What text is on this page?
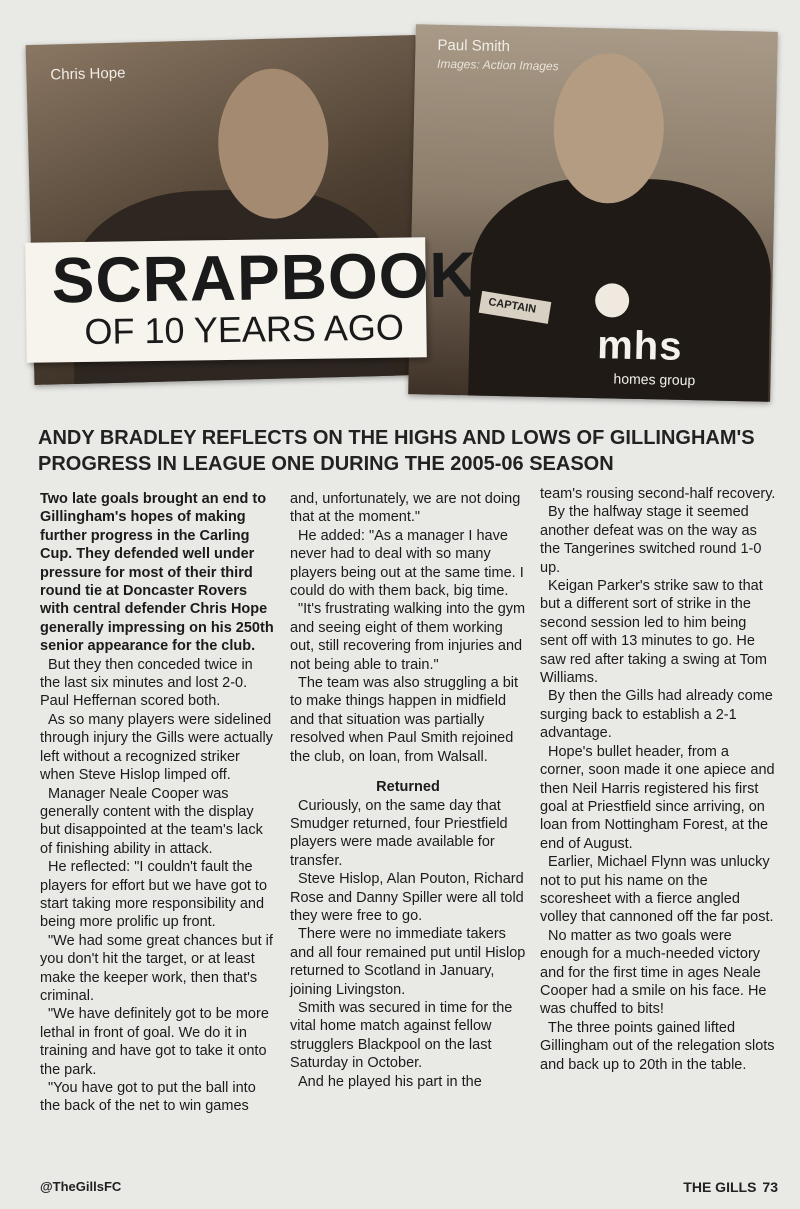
Chris Hope
Paul Smith
Images: Action Images
mhs
homes group
CAPTAIN
SCRAPBOOK
OF 10 YEARS AGO
ANDY BRADLEY REFLECTS ON THE HIGHS AND LOWS OF GILLINGHAM'S PROGRESS IN LEAGUE ONE DURING THE 2005-06 SEASON

Two late goals brought an end to Gillingham's hopes of making further progress in the Carling Cup. They defended well under pressure for most of their third round tie at Doncaster Rovers with central defender Chris Hope generally impressing on his 250th senior appearance for the club.

But they then conceded twice in the last six minutes and lost 2-0. Paul Heffernan scored both.

As so many players were sidelined through injury the Gills were actually left without a recognized striker when Steve Hislop limped off.

Manager Neale Cooper was generally content with the display but disappointed at the team's lack of finishing ability in attack.

He reflected: "I couldn't fault the players for effort but we have got to start taking more responsibility and being more prolific up front.

"We had some great chances but if you don't hit the target, or at least make the keeper work, then that's criminal.

"We have definitely got to be more lethal in front of goal. We do it in training and have got to take it onto the park.

"You have got to put the ball into the back of the net to win games

and, unfortunately, we are not doing that at the moment."

He added: "As a manager I have never had to deal with so many players being out at the same time. I could do with them back, big time.

"It's frustrating walking into the gym and seeing eight of them working out, still recovering from injuries and not being able to train."

The team was also struggling a bit to make things happen in midfield and that situation was partially resolved when Paul Smith rejoined the club, on loan, from Walsall.

Returned

Curiously, on the same day that Smudger returned, four Priestfield players were made available for transfer.

Steve Hislop, Alan Pouton, Richard Rose and Danny Spiller were all told they were free to go.

There were no immediate takers and all four remained put until Hislop returned to Scotland in January, joining Livingston.

Smith was secured in time for the vital home match against fellow strugglers Blackpool on the last Saturday in October.

And he played his part in the

team's rousing second-half recovery.

By the halfway stage it seemed another defeat was on the way as the Tangerines switched round 1-0 up.

Keigan Parker's strike saw to that but a different sort of strike in the second session led to him being sent off with 13 minutes to go. He saw red after taking a swing at Tom Williams.

By then the Gills had already come surging back to establish a 2-1 advantage.

Hope's bullet header, from a corner, soon made it one apiece and then Neil Harris registered his first goal at Priestfield since arriving, on loan from Nottingham Forest, at the end of August.

Earlier, Michael Flynn was unlucky not to put his name on the scoresheet with a fierce angled volley that cannoned off the far post.

No matter as two goals were enough for a much-needed victory and for the first time in ages Neale Cooper had a smile on his face. He was chuffed to bits!

The three points gained lifted Gillingham out of the relegation slots and back up to 20th in the table.

@TheGillsFC	THE GILLS 73
